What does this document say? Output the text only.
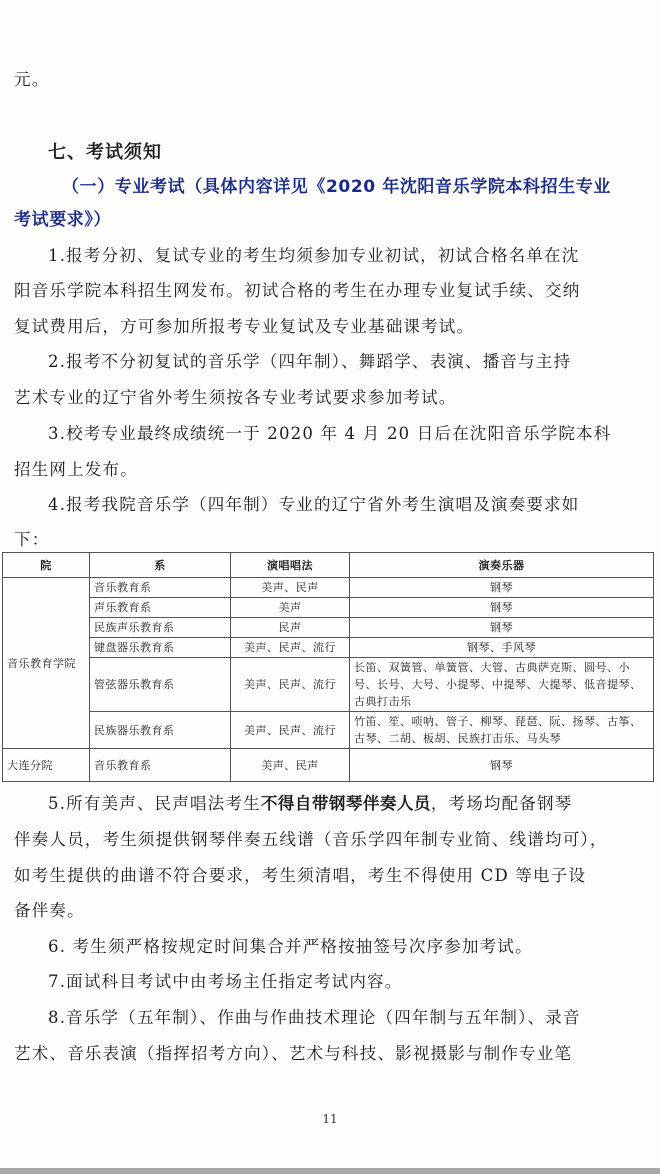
元。
七、考试须知
（一）专业考试（具体内容详见《2020 年沈阳音乐学院本科招生专业
考试要求》）
1.报考分初、复试专业的考生均须参加专业初试，初试合格名单在沈
阳音乐学院本科招生网发布。初试合格的考生在办理专业复试手续、交纳
复试费用后，方可参加所报考专业复试及专业基础课考试。
2.报考不分初复试的音乐学（四年制）、舞蹈学、表演、播音与主持
艺术专业的辽宁省外考生须按各专业考试要求参加考试。
3.校考专业最终成绩统一于 2020 年 4 月 20 日后在沈阳音乐学院本科
招生网上发布。
4.报考我院音乐学（四年制）专业的辽宁省外考生演唱及演奏要求如
下：
院	系	演唱唱法	演奏乐器
音乐教育学院	音乐教育系	美声、民声	钢琴
	声乐教育系	美声	钢琴
	民族声乐教育系	民声	钢琴
	键盘器乐教育系	美声、民声、流行	钢琴、手风琴
	管弦器乐教育系	美声、民声、流行	长笛、双簧管、单簧管、大管、古典萨克斯、圆号、小号、长号、大号、小提琴、中提琴、大提琴、低音提琴、古典打击乐
	民族器乐教育系	美声、民声、流行	竹笛、笙、唢呐、管子、柳琴、琵琶、阮、扬琴、古筝、古琴、二胡、板胡、民族打击乐、马头琴
大连分院	音乐教育系	美声、民声	钢琴
5.所有美声、民声唱法考生不得自带钢琴伴奏人员，考场均配备钢琴
伴奏人员，考生须提供钢琴伴奏五线谱（音乐学四年制专业简、线谱均可），
如考生提供的曲谱不符合要求，考生须清唱，考生不得使用 CD 等电子设
备伴奏。
6. 考生须严格按规定时间集合并严格按抽签号次序参加考试。
7.面试科目考试中由考场主任指定考试内容。
8.音乐学（五年制）、作曲与作曲技术理论（四年制与五年制）、录音
艺术、音乐表演（指挥招考方向）、艺术与科技、影视摄影与制作专业笔
11
